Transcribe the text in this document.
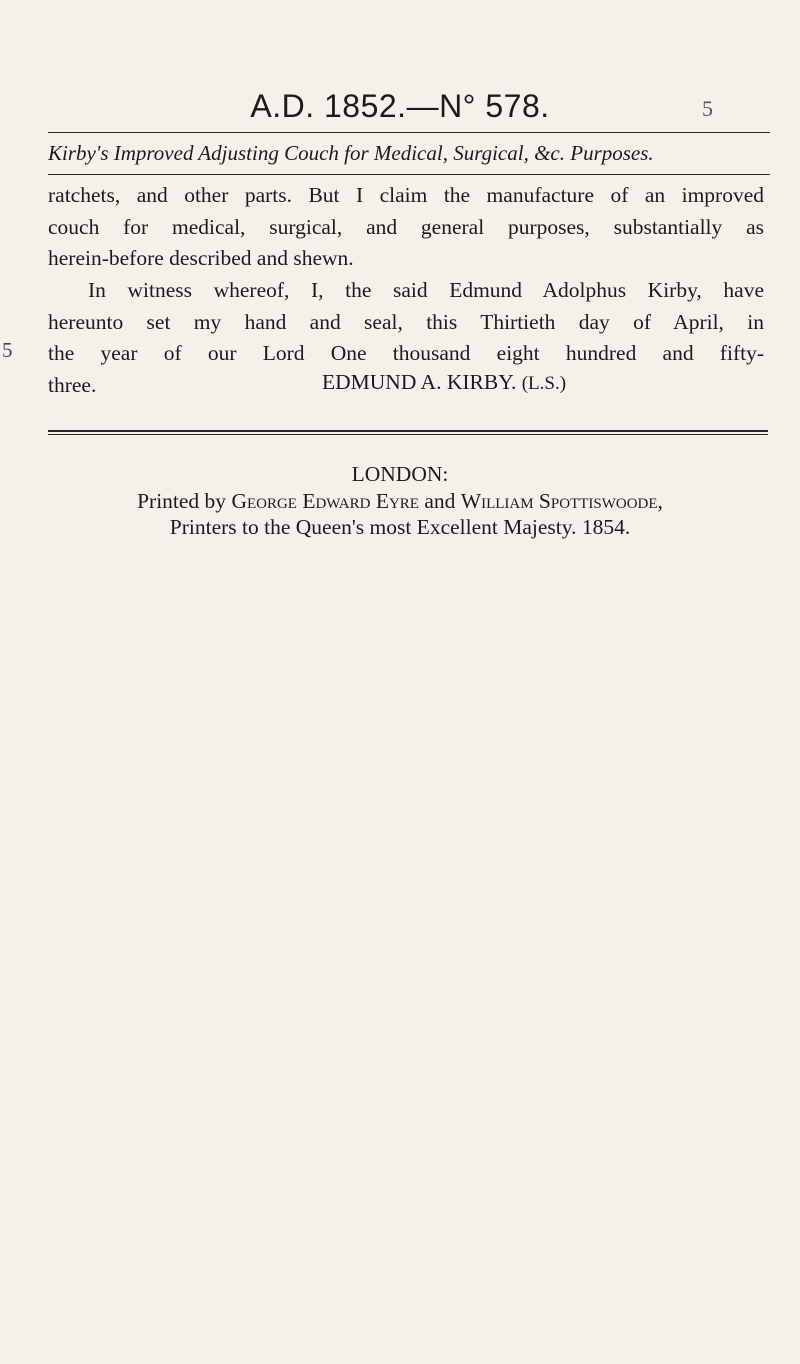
A.D. 1852.—N° 578.	5
Kirby's Improved Adjusting Couch for Medical, Surgical, &c. Purposes.
ratchets, and other parts. But I claim the manufacture of an improved
couch for medical, surgical, and general purposes, substantially as
herein-before described and shewn.
5
In witness whereof, I, the said Edmund Adolphus Kirby, have
hereunto set my hand and seal, this Thirtieth day of April, in
the year of our Lord One thousand eight hundred and fifty-
three.	EDMUND A. KIRBY. (L.S.)
LONDON:
Printed by George Edward Eyre and William Spottiswoode,
Printers to the Queen's most Excellent Majesty. 1854.
